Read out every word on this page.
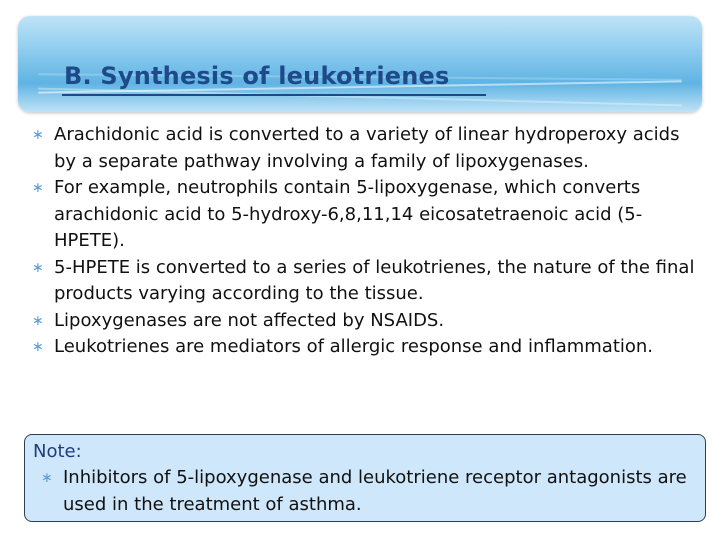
B. Synthesis of leukotrienes
∗ Arachidonic acid is converted to a variety of linear hydroperoxy acids by a separate pathway involving a family of lipoxygenases.
∗ For example, neutrophils contain 5-lipoxygenase, which converts arachidonic acid to 5-hydroxy-6,8,11,14 eicosatetraenoic acid (5-HPETE).
∗ 5-HPETE is converted to a series of leukotrienes, the nature of the final products varying according to the tissue.
∗ Lipoxygenases are not affected by NSAIDS.
∗ Leukotrienes are mediators of allergic response and inflammation.

Note:

∗ Inhibitors of 5-lipoxygenase and leukotriene receptor antagonists are used in the treatment of asthma.
